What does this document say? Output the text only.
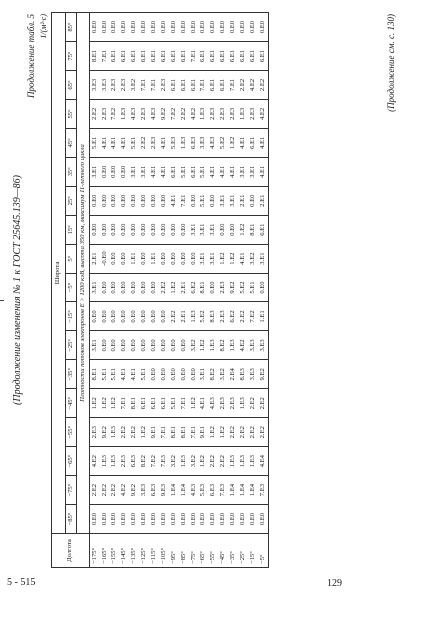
129
5 - 515
(Продолжение изменения № 1 к ГОСТ 25645.139—86)
Продолжение табл. 5 1/(м²·с)
Долгота	Широта																	
	−85°	−75°	−65°	−55°	−45°	−35°	−25°	−15°	−5°	5°	15°	25°	35°	45°	55°	65°	75°	85°
	Плотности потоков электронов E > 1200 кэВ, высота 350 км, максимум 11-летнего цикла																	
−175°	0.E0	2.E2	4.E2	2.E3	1.E2	8.E1	3.E1	0.E0	3.E1	2.E1	0.E0	0.E0	3.E1	5.E1	2.E2	3.E3	8.E1	0.E0
−165°	0.E0	2.E2	1.E3	9.E2	1.E2	5.E1	0.E0	0.E0	0.E0	-0.E0	0.E0	0.E0	0.E0	4.E1	2.E3	3.E3	7.E1	0.E0
−155°	0.E0	2.E2	1.E3	1.E3	1.E2	5.E1	0.E0	0.E0	0.E0	0.E0	0.E0	0.E0	0.E0	4.E1	7.E2	2.E3	6.E1	0.E0
−145°	0.E0	4.E2	2.E3	2.E2	7.E1	4.E1	0.E0	0.E0	0.E0	0.E0	0.E0	0.E0	0.E0	4.E1	1.E3	2.E3	6.E1	0.E0
−135°	0.E0	9.E2	6.E3	2.E2	8.E1	4.E1	0.E0	0.E0	0.E0	1.E1	0.E0	0.E0	3.E1	5.E1	4.E3	3.E2	6.E1	0.E0
−125°	0.E0	3.E3	8.E2	1.E2	6.E1	5.E1	0.E0	0.E0	0.E0	0.E0	0.E0	0.E0	3.E1	2.E2	2.E3	7.E1	6.E1	0.E0
−115°	0.E0	6.E3	7.E2	9.E1	6.E1	0.E0	0.E0	0.E0	0.E0	1.E1	0.E0	0.E0	4.E1	2.E3	4.E3	7.E1	6.E1	0.E0
−105°	0.E0	9.E3	7.E3	7.E1	6.E1	0.E0	0.E0	0.E0	2.E2	0.E0	0.E0	0.E0	4.E1	4.E1	9.E2	2.E3	6.E1	0.E0
−95°	0.E0	1.E4	3.E2	8.E1	5.E1	0.E0	0.E0	2.E2	1.E2	0.E0	0.E0	4.E1	6.E1	5.E3	7.E2	6.E1	6.E1	0.E0
−85°	0.E0	1.E4	1.E3	8.E1	7.E1	0.E0	0.E0	2.E1	2.E1	0.E0	0.E0	7.E1	5.E1	1.E3	2.E2	6.E1	6.E1	0.E0
−75°	0.E0	4.E3	3.E2	7.E1	1.E2	0.E0	3.E2	1.E3	6.E2	0.E0	3.E1	0.E0	6.E1	6.E3	4.E2	6.E1	7.E1	0.E0
−65°	0.E0	5.E3	1.E2	9.E1	4.E1	3.E1	1.E2	5.E2	8.E1	3.E1	3.E1	5.E1	5.E1	3.E3	1.E3	7.E1	6.E1	0.E0
−55°	0.E0	6.E3	2.E2	1.E2	4.E3	8.E2	1.E3	8.E3	0.E0	3.E1	3.E1	0.E0	4.E1	4.E3	2.E3	6.E1	6.E1	0.E0
−45°	0.E0	7.E3	2.E2	1.E2	2.E3	3.E2	8.E2	2.E3	2.E3	1.E2	0.E0	3.E1	4.E1	5.E2	2.E3	6.E1	6.E1	0.E0
−35°	0.E0	1.E4	1.E3	2.E2	2.E3	2.E4	1.E3	6.E2	9.E2	1.E2	0.E0	3.E1	4.E1	1.E2	2.E3	7.E1	6.E1	0.E0
−25°	0.E0	1.E4	1.E3	2.E2	1.E3	8.E3	4.E2	2.E2	5.E2	4.E1	1.E2	2.E1	3.E1	4.E1	1.E3	2.E2	6.E1	0.E0
−15°	0.E0	1.E4	1.E3	2.E2	2.E2	3.E3	3.E3	7.E2	5.E1	3.E2	8.E1	0.E0	3.E1	6.E1	2.E3	4.E2	6.E1	0.E0
−5°	0.E0	7.E3	4.E4	2.E2	2.E2	9.E2	3.E3	1.E1	0.E0	3.E1	6.E1	2.E1	4.E1	4.E1	4.E2	2.E2	6.E1	0.E0	(Продолжение см. с. 130)
